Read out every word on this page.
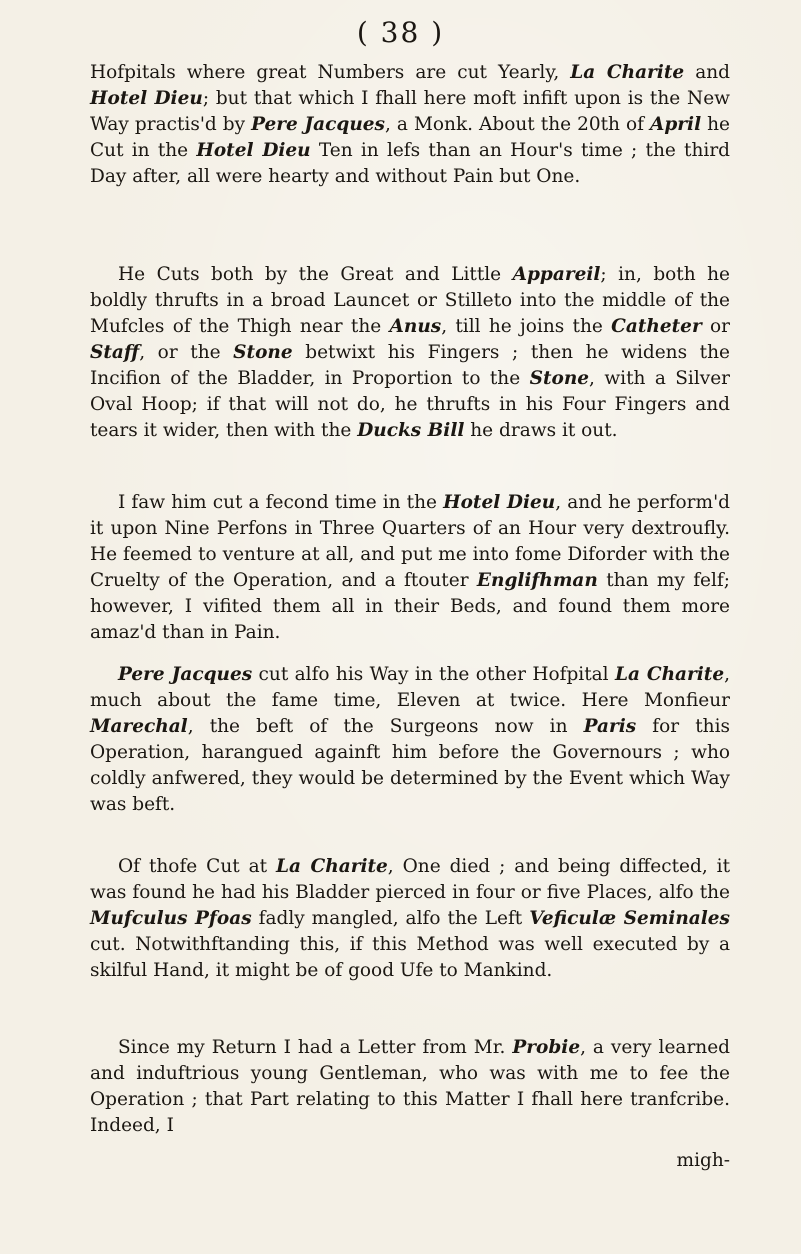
( 38 )

Hofpitals where great Numbers are cut Yearly, La Charite and Hotel Dieu; but that which I fhall here moft infift upon is the New Way practis'd by Pere Jacques, a Monk. About the 20th of April he Cut in the Hotel Dieu Ten in lefs than an Hour's time ; the third Day after, all were hearty and without Pain but One.

He Cuts both by the Great and Little Appareil; in, both he boldly thrufts in a broad Launcet or Stilleto into the middle of the Mufcles of the Thigh near the Anus, till he joins the Catheter or Staff, or the Stone betwixt his Fingers ; then he widens the Incifion of the Bladder, in Proportion to the Stone, with a Silver Oval Hoop; if that will not do, he thrufts in his Four Fingers and tears it wider, then with the Ducks Bill he draws it out.

I faw him cut a fecond time in the Hotel Dieu, and he perform'd it upon Nine Perfons in Three Quarters of an Hour very dextroufly. He feemed to venture at all, and put me into fome Diforder with the Cruelty of the Operation, and a ftouter Englifhman than my felf; however, I vifited them all in their Beds, and found them more amaz'd than in Pain.

Pere Jacques cut alfo his Way in the other Hofpital La Charite, much about the fame time, Eleven at twice. Here Monfieur Marechal, the beft of the Surgeons now in Paris for this Operation, harangued againft him before the Governours ; who coldly anfwered, they would be determined by the Event which Way was beft.

Of thofe Cut at La Charite, One died ; and being diffected, it was found he had his Bladder pierced in four or five Places, alfo the Mufculus Pfoas fadly mangled, alfo the Left Veficulæ Seminales cut. Notwithftanding this, if this Method was well executed by a skilful Hand, it might be of good Ufe to Mankind.

Since my Return I had a Letter from Mr. Probie, a very learned and induftrious young Gentleman, who was with me to fee the Operation ; that Part relating to this Matter I fhall here tranfcribe. Indeed, I

migh-
